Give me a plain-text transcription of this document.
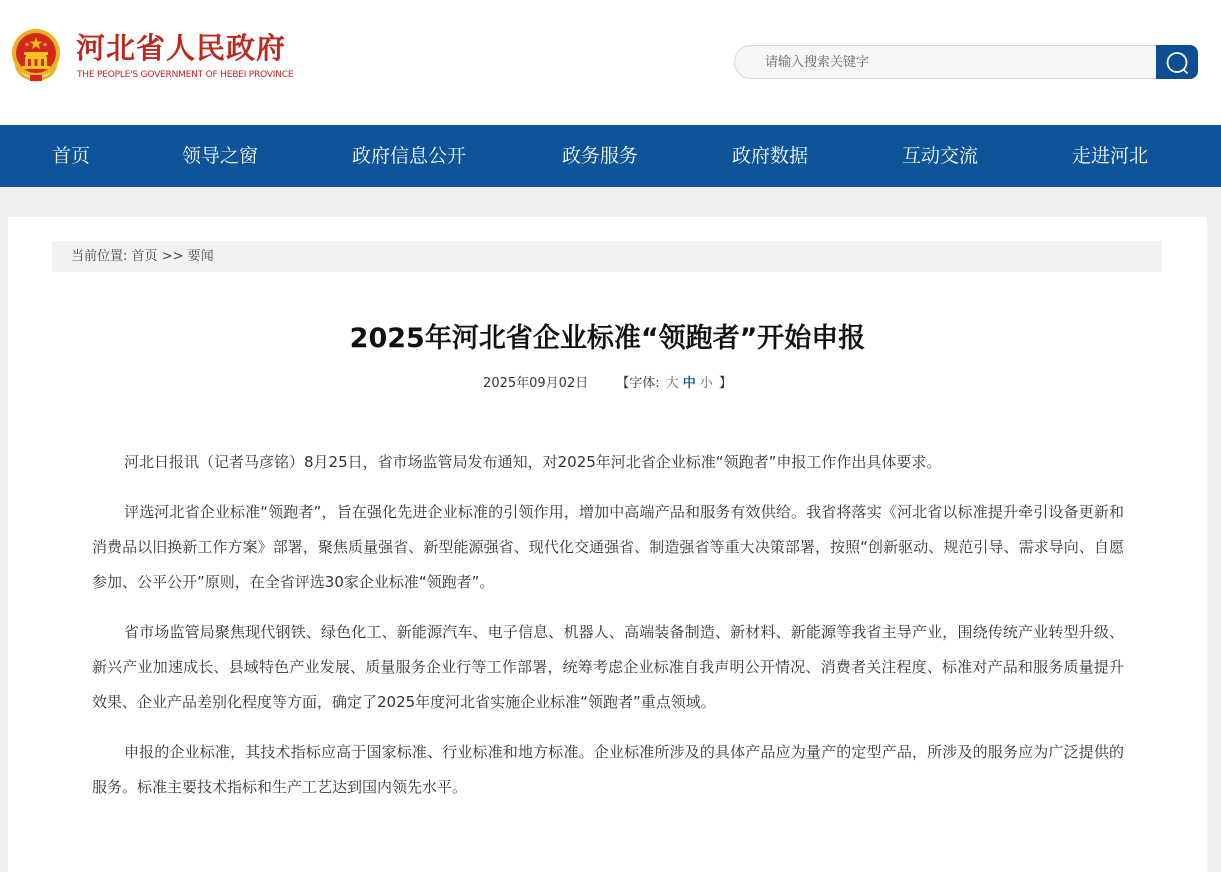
河北省人民政府
THE PEOPLE'S GOVERNMENT OF HEBEI PROVINCE
请输入搜索关键字
首页	领导之窗	政府信息公开	政务服务	政府数据	互动交流	走进河北
当前位置: 首页 >> 要闻
2025年河北省企业标准“领跑者”开始申报
2025年09月02日 【字体: 大 中 小 】

河北日报讯（记者马彦铭）8月25日，省市场监管局发布通知，对2025年河北省企业标准“领跑者”申报工作作出具体要求。

评选河北省企业标准“领跑者”，旨在强化先进企业标准的引领作用，增加中高端产品和服务有效供给。我省将落实《河北省以标准提升牵引设备更新和消费品以旧换新工作方案》部署，聚焦质量强省、新型能源强省、现代化交通强省、制造强省等重大决策部署，按照“创新驱动、规范引导、需求导向、自愿参加、公平公开”原则，在全省评选30家企业标准“领跑者”。

省市场监管局聚焦现代钢铁、绿色化工、新能源汽车、电子信息、机器人、高端装备制造、新材料、新能源等我省主导产业，围绕传统产业转型升级、新兴产业加速成长、县域特色产业发展、质量服务企业行等工作部署，统筹考虑企业标准自我声明公开情况、消费者关注程度、标准对产品和服务质量提升效果、企业产品差别化程度等方面，确定了2025年度河北省实施企业标准“领跑者”重点领域。

申报的企业标准，其技术指标应高于国家标准、行业标准和地方标准。企业标准所涉及的具体产品应为量产的定型产品，所涉及的服务应为广泛提供的服务。标准主要技术指标和生产工艺达到国内领先水平。
